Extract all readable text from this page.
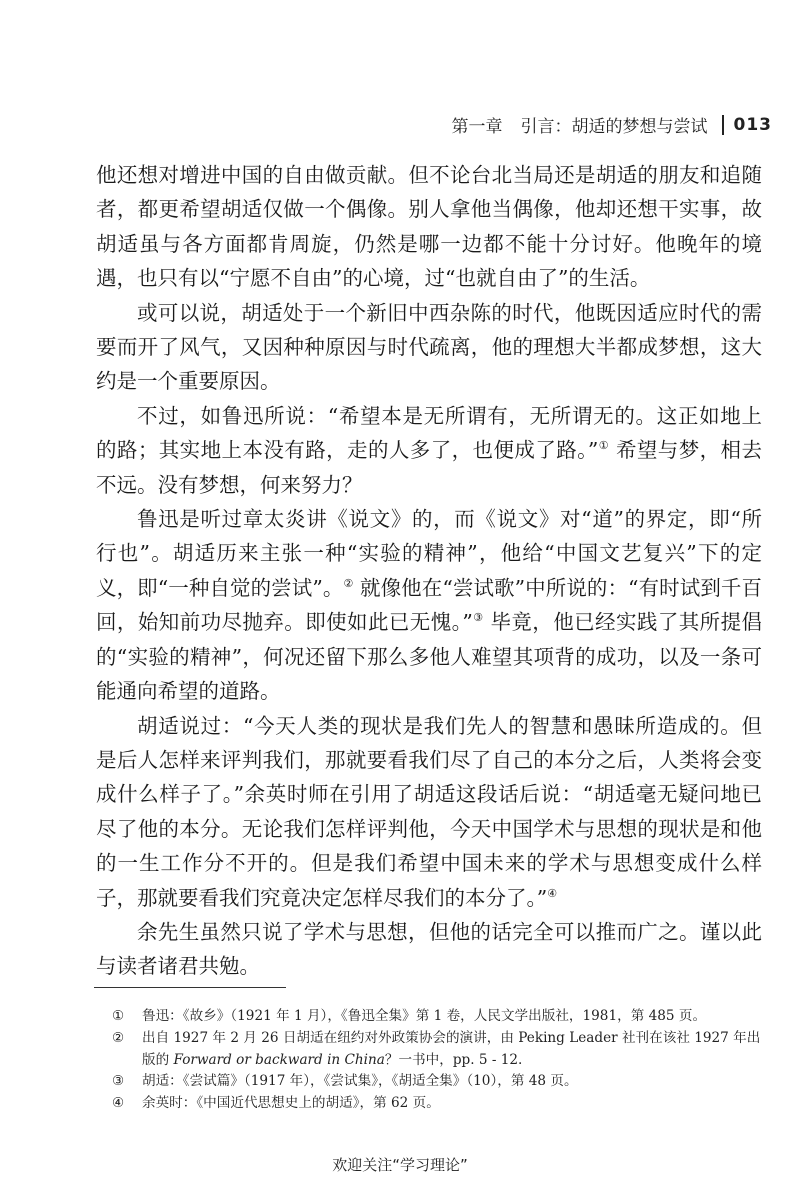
第一章 引言：胡适的梦想与尝试 013

他还想对增进中国的自由做贡献。但不论台北当局还是胡适的朋友和追随者，都更希望胡适仅做一个偶像。别人拿他当偶像，他却还想干实事，故胡适虽与各方面都肯周旋，仍然是哪一边都不能十分讨好。他晚年的境遇，也只有以“宁愿不自由”的心境，过“也就自由了”的生活。

或可以说，胡适处于一个新旧中西杂陈的时代，他既因适应时代的需要而开了风气，又因种种原因与时代疏离，他的理想大半都成梦想，这大约是一个重要原因。

不过，如鲁迅所说：“希望本是无所谓有，无所谓无的。这正如地上的路；其实地上本没有路，走的人多了，也便成了路。”① 希望与梦，相去不远。没有梦想，何来努力？

鲁迅是听过章太炎讲《说文》的，而《说文》对“道”的界定，即“所行也”。胡适历来主张一种“实验的精神”，他给“中国文艺复兴”下的定义，即“一种自觉的尝试”。② 就像他在“尝试歌”中所说的：“有时试到千百回，始知前功尽抛弃。即使如此已无愧。”③ 毕竟，他已经实践了其所提倡的“实验的精神”，何况还留下那么多他人难望其项背的成功，以及一条可能通向希望的道路。

胡适说过：“今天人类的现状是我们先人的智慧和愚昧所造成的。但是后人怎样来评判我们，那就要看我们尽了自己的本分之后，人类将会变成什么样子了。”余英时师在引用了胡适这段话后说：“胡适毫无疑问地已尽了他的本分。无论我们怎样评判他，今天中国学术与思想的现状是和他的一生工作分不开的。但是我们希望中国未来的学术与思想变成什么样子，那就要看我们究竟决定怎样尽我们的本分了。”④

余先生虽然只说了学术与思想，但他的话完全可以推而广之。谨以此与读者诸君共勉。

①	鲁迅：《故乡》（1921 年 1 月），《鲁迅全集》第 1 卷，人民文学出版社，1981，第 485 页。
②	出自 1927 年 2 月 26 日胡适在纽约对外政策协会的演讲，由 Peking Leader 社刊在该社 1927 年出版的 Forward or backward in China？一书中，pp. 5 - 12.
③	胡适：《尝试篇》（1917 年），《尝试集》，《胡适全集》（10），第 48 页。
④	余英时：《中国近代思想史上的胡适》，第 62 页。
欢迎关注“学习理论”
